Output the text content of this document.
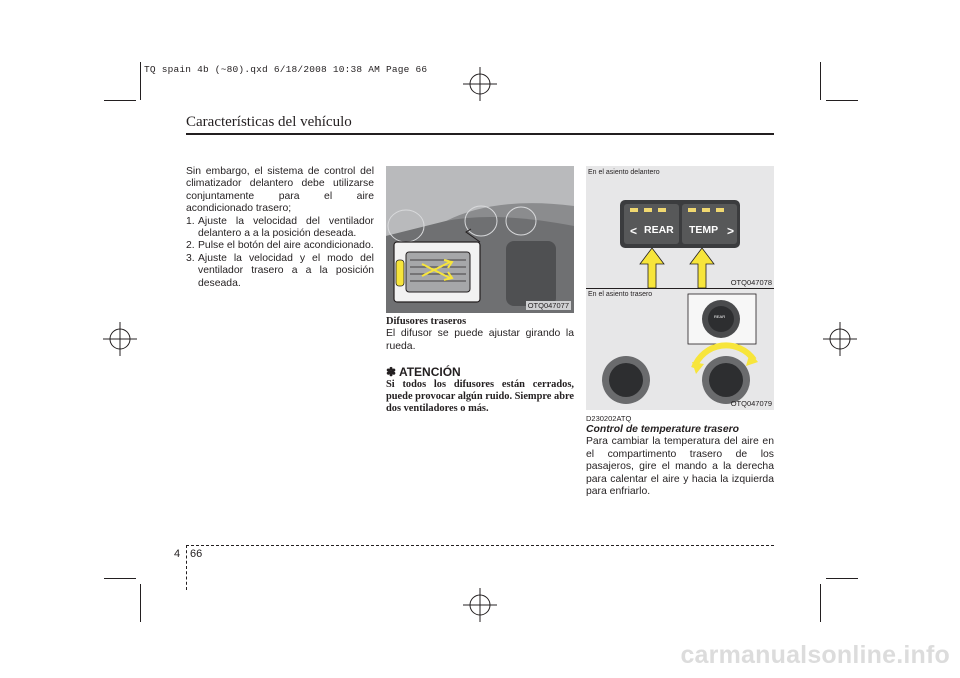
TQ spain 4b (~80).qxd 6/18/2008 10:38 AM Page 66
Características del vehículo
Sin embargo, el sistema de control del climatizador delantero debe utilizarse conjuntamente para el aire acondicionado trasero;
1. Ajuste la velocidad del ventilador delantero a a la posición deseada.
2. Pulse el botón del aire acondicionado.
3. Ajuste la velocidad y el modo del ventilador trasero a a la posición deseada.
OTQ047077
Difusores traseros
El difusor se puede ajustar girando la rueda.
✽ ATENCIÓN
Si todos los difusores están cerrados, puede provocar algún ruido. Siempre abre dos ventiladores o más.
En el asiento delantero
<	>
REAR TEMP
OTQ047078
En el asiento trasero
REAR
OTQ047079
D230202ATQ
Control de temperature trasero
Para cambiar la temperatura del aire en el compartimento trasero de los pasajeros, gire el mando a la derecha para calentar el aire y hacia la izquierda para enfriarlo.
4 66
carmanualsonline.info
